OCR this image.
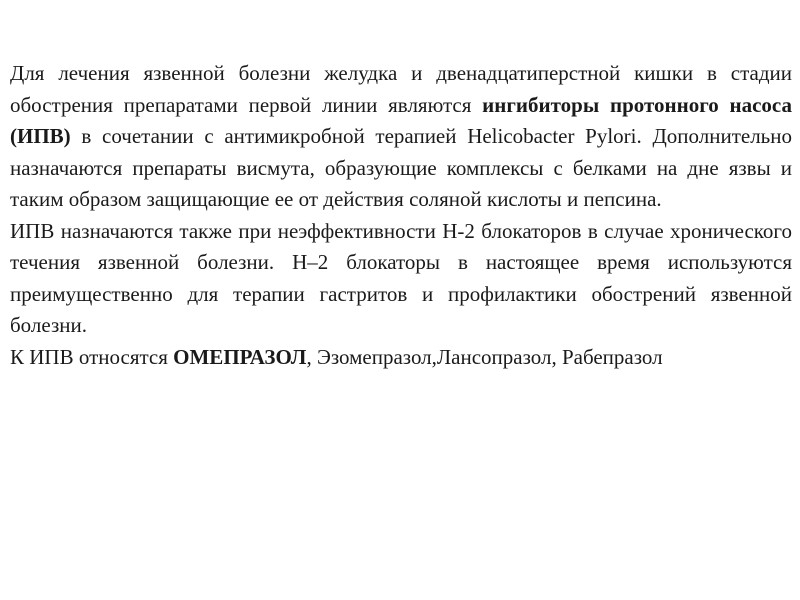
Для лечения язвенной болезни желудка и двенадцатиперстной кишки в стадии обострения препаратами первой линии являются ингибиторы протонного насоса (ИПВ) в сочетании с антимикробной терапией Helicobacter Pylori. Дополнительно назначаются препараты висмута, образующие комплексы с белками на дне язвы и таким образом защищающие ее от действия соляной кислоты и пепсина.

ИПВ назначаются также при неэффективности Н-2 блокаторов в случае хронического течения язвенной болезни. Н–2 блокаторы в настоящее время используются преимущественно для терапии гастритов и профилактики обострений язвенной болезни.

К ИПВ относятся ОМЕПРАЗОЛ, Эзомепразол,Лансопразол, Рабепразол
